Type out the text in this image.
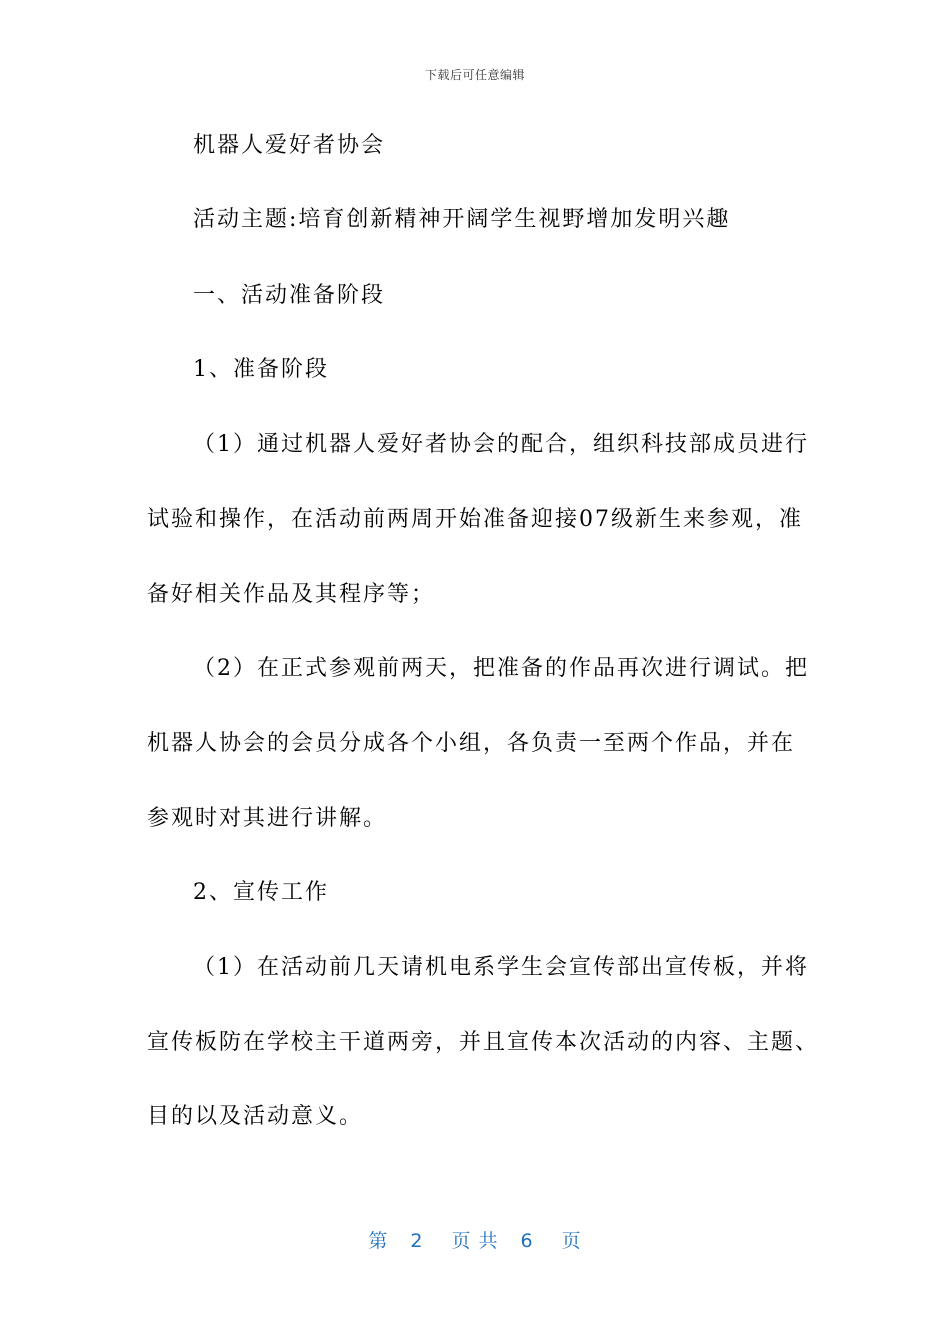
下载后可任意编辑
机器人爱好者协会
活动主题:培育创新精神开阔学生视野增加发明兴趣
一、活动准备阶段
1、准备阶段
（1）通过机器人爱好者协会的配合，组织科技部成员进行
试验和操作，在活动前两周开始准备迎接07级新生来参观，准
备好相关作品及其程序等；
（2）在正式参观前两天，把准备的作品再次进行调试。把
机器人协会的会员分成各个小组，各负责一至两个作品，并在
参观时对其进行讲解。
2、宣传工作
（1）在活动前几天请机电系学生会宣传部出宣传板，并将
宣传板防在学校主干道两旁，并且宣传本次活动的内容、主题、
目的以及活动意义。
第 2 页 共 6 页
